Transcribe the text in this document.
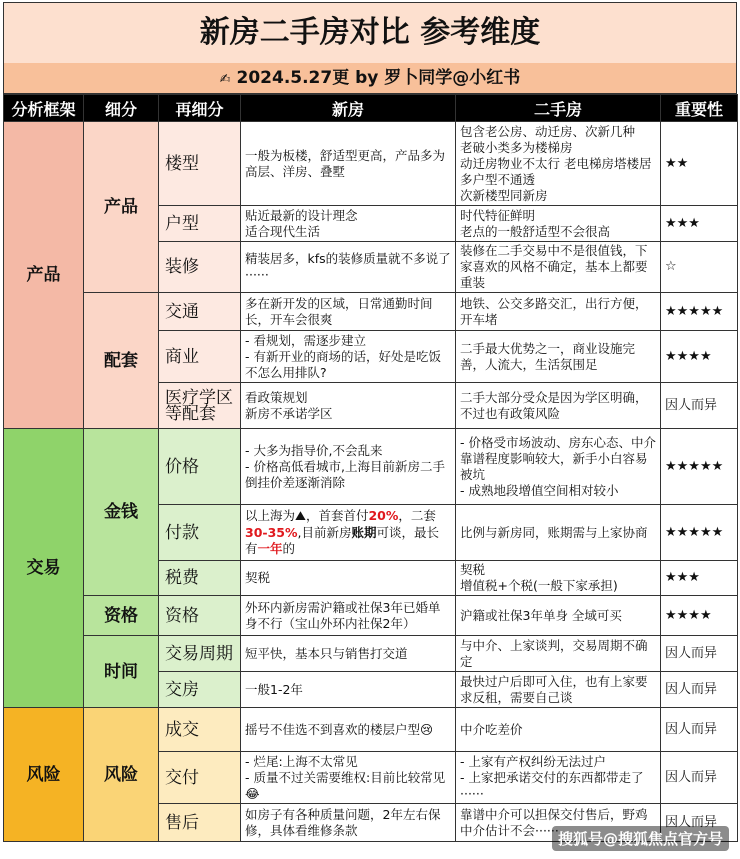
新房二手房对比 参考维度
✍ 2024.5.27更 by 罗卜同学@小红书
分析框架	细分	再细分	新房	二手房	重要性
产品	产品	楼型	一般为板楼，舒适型更高，产品多为高层、洋房、叠墅	包含老公房、动迁房、次新几种
老破小类多为楼梯房
动迁房物业不太行 老电梯房塔楼居多户型不通透
次新楼型同新房	★★
		户型	贴近最新的设计理念
适合现代生活	时代特征鲜明
老点的一般舒适型不会很高	★★★
		装修	精装居多，kfs的装修质量就不多说了······	装修在二手交易中不是很值钱，下家喜欢的风格不确定，基本上都要重装	☆
	配套	交通	多在新开发的区域，日常通勤时间长，开车会很爽	地铁、公交多路交汇，出行方便，开车堵	★★★★★
		商业	- 看规划，需逐步建立
- 有新开业的商场的话，好处是吃饭不怎么用排队?	二手最大优势之一，商业设施完善，人流大，生活氛围足	★★★★
		医疗学区等配套	看政策规划
新房不承诺学区	二手大部分受众是因为学区明确，不过也有政策风险	因人而异
交易	金钱	价格	- 大多为指导价,不会乱来
- 价格高低看城市,上海目前新房二手倒挂价差逐渐消除	- 价格受市场波动、房东心态、中介靠谱程度影响较大，新手小白容易被坑
- 成熟地段增值空间相对较小	★★★★★
		付款	以上海为⛰，首套首付20%，二套30-35%,目前新房账期可谈，最长有一年的	比例与新房同，账期需与上家协商	★★★★★
		税费	契税	契税
增值税+个税(一般下家承担)	★★★
	资格	资格	外环内新房需沪籍或社保3年已婚单身不行（宝山外环内社保2年）	沪籍或社保3年单身 全域可买	★★★★
	时间	交易周期	短平快，基本只与销售打交道	与中介、上家谈判，交易周期不确定	因人而异
		交房	一般1-2年	最快过户后即可入住，也有上家要求反租，需要自己谈	因人而异
风险	风险	成交	摇号不佳选不到喜欢的楼层户型😢	中介吃差价	因人而异
		交付	- 烂尾:上海不太常见
- 质量不过关需要维权:目前比较常见😂	- 上家有产权纠纷无法过户
- 上家把承诺交付的东西都带走了······	因人而异
		售后	如房子有各种质量问题，2年左右保修，具体看维修条款	靠谱中介可以担保交付售后，野鸡中介估计不会······	因人而异
搜狐号@搜狐焦点官方号
